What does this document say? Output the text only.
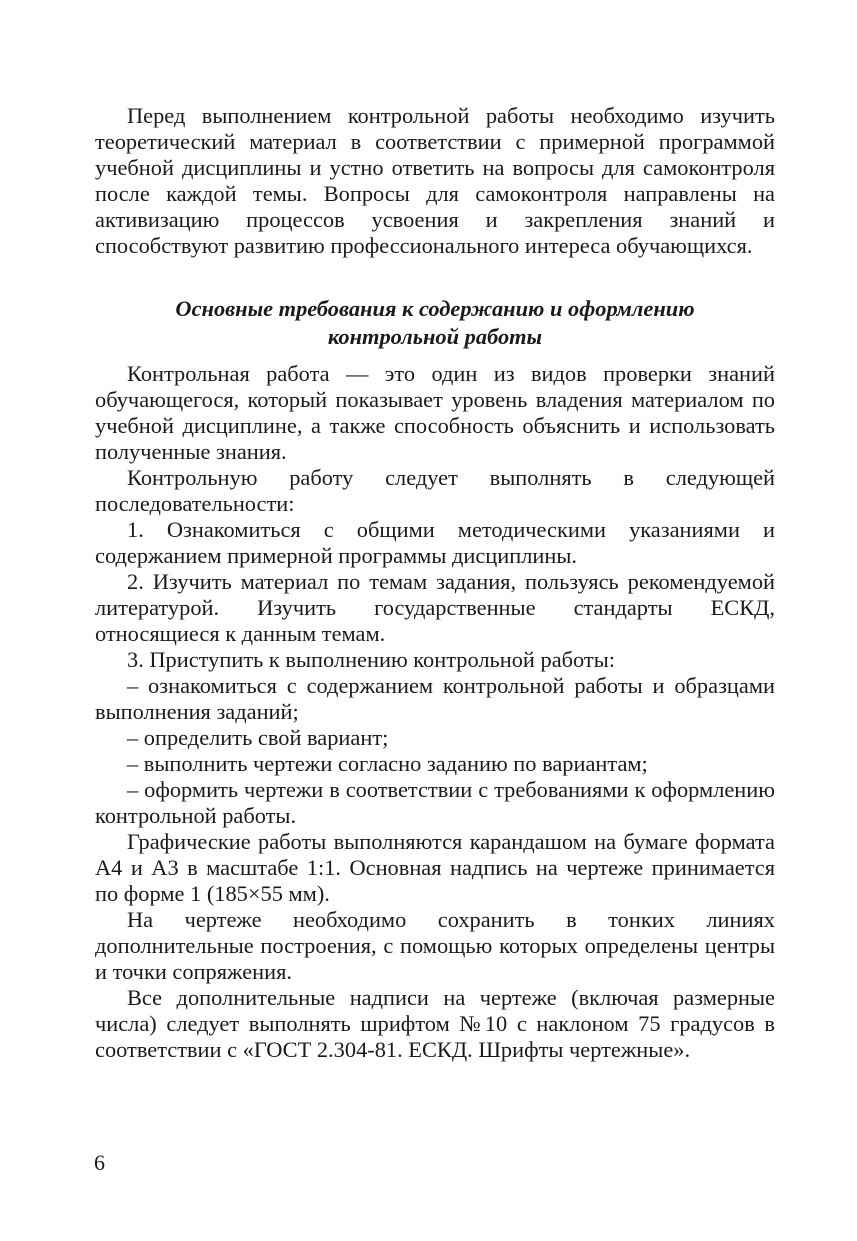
Перед выполнением контрольной работы необходимо изучить теоретический материал в соответствии с примерной программой учебной дисциплины и устно ответить на вопросы для самоконтроля после каждой темы. Вопросы для самоконтроля направлены на активизацию процессов усвоения и закрепления знаний и способствуют развитию профессионального интереса обучающихся.

Основные требования к содержанию и оформлению
контрольной работы

Контрольная работа — это один из видов проверки знаний обучающегося, который показывает уровень владения материалом по учебной дисциплине, а также способность объяснить и использовать полученные знания.

Контрольную работу следует выполнять в следующей последовательности:

1. Ознакомиться с общими методическими указаниями и содержанием примерной программы дисциплины.

2. Изучить материал по темам задания, пользуясь рекомендуемой литературой. Изучить государственные стандарты ЕСКД, относящиеся к данным темам.

3. Приступить к выполнению контрольной работы:

– ознакомиться с содержанием контрольной работы и образцами выполнения заданий;

– определить свой вариант;

– выполнить чертежи согласно заданию по вариантам;

– оформить чертежи в соответствии с требованиями к оформлению контрольной работы.

Графические работы выполняются карандашом на бумаге формата А4 и А3 в масштабе 1:1. Основная надпись на чертеже принимается по форме 1 (185×55 мм).

На чертеже необходимо сохранить в тонких линиях дополнительные построения, с помощью которых определены центры и точки сопряжения.

Все дополнительные надписи на чертеже (включая размерные числа) следует выполнять шрифтом №10 с наклоном 75 градусов в соответствии с «ГОСТ 2.304-81. ЕСКД. Шрифты чертежные».

6
